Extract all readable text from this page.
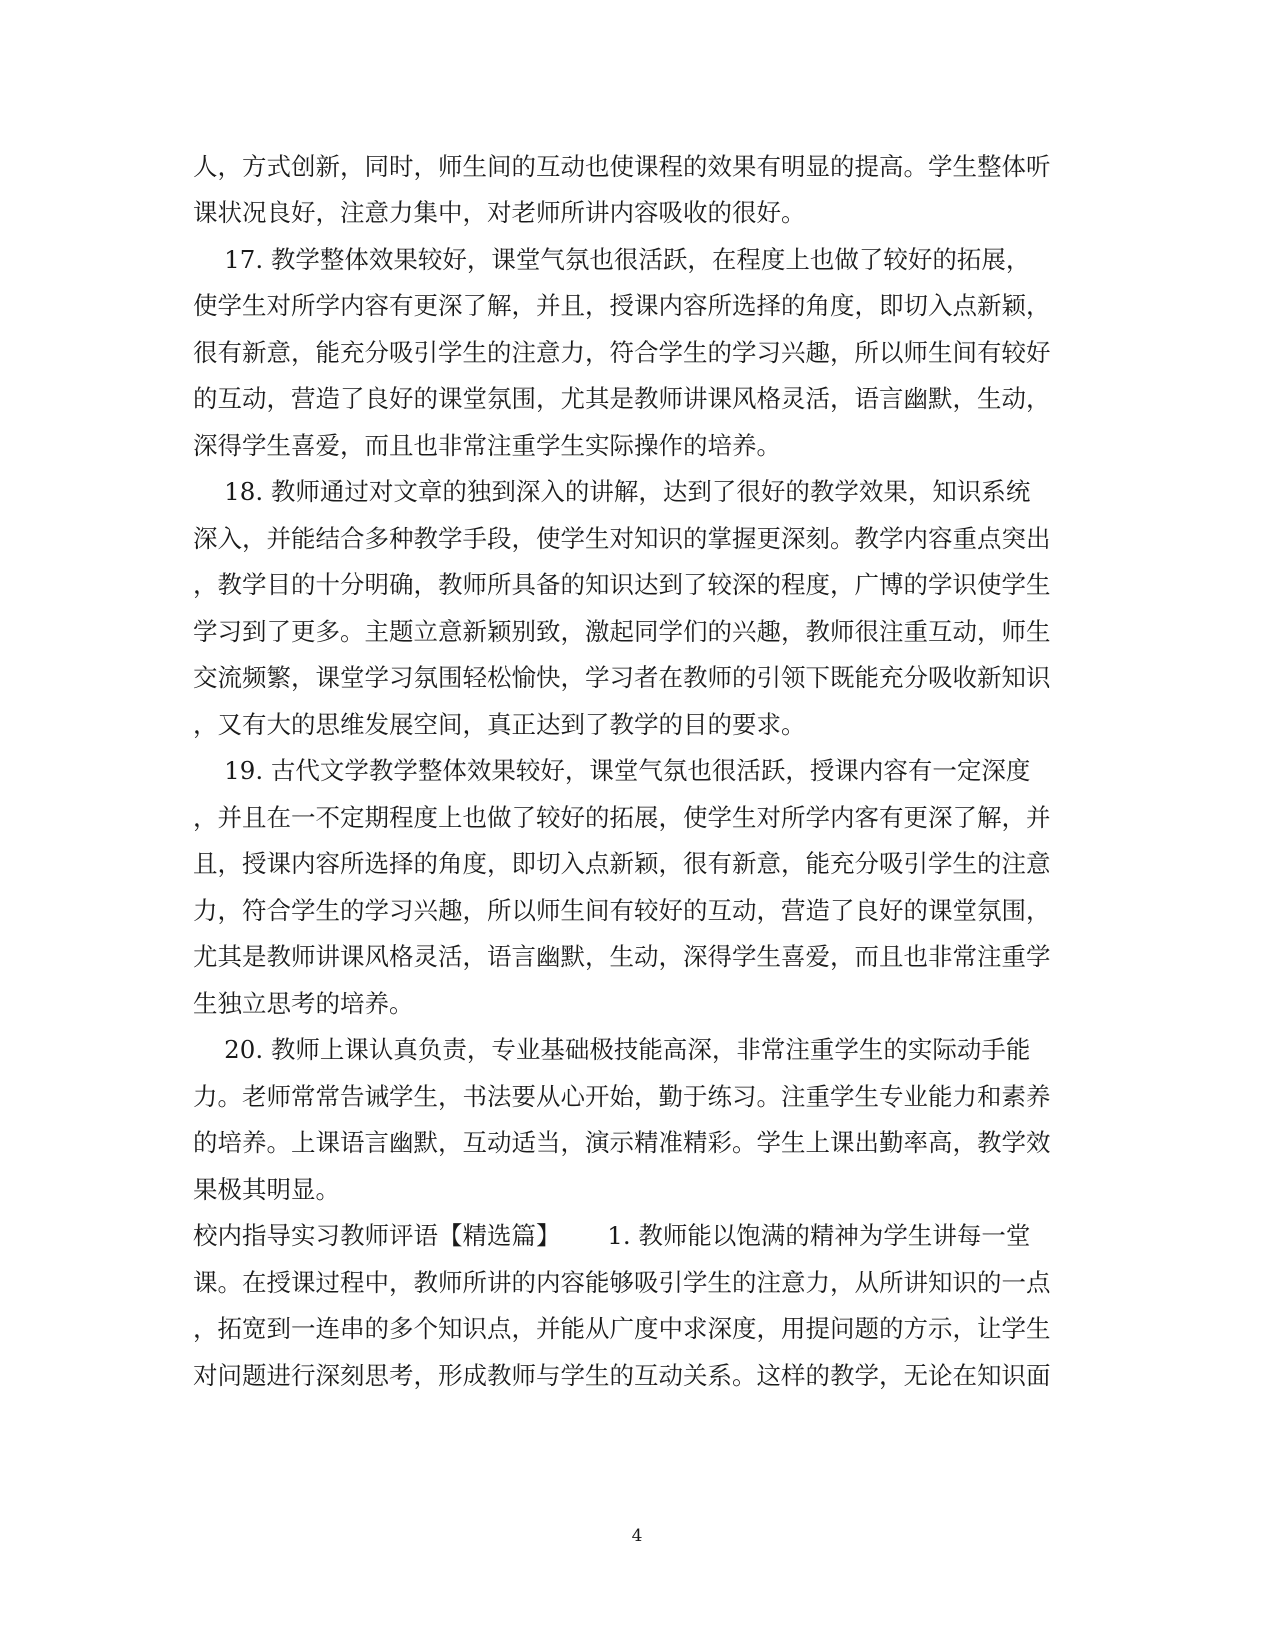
人，方式创新，同时，师生间的互动也使课程的效果有明显的提高。学生整体听
课状况良好，注意力集中，对老师所讲内容吸收的很好。
17. 教学整体效果较好，课堂气氛也很活跃，在程度上也做了较好的拓展，
使学生对所学内容有更深了解，并且，授课内容所选择的角度，即切入点新颖，
很有新意，能充分吸引学生的注意力，符合学生的学习兴趣，所以师生间有较好
的互动，营造了良好的课堂氛围，尤其是教师讲课风格灵活，语言幽默，生动，
深得学生喜爱，而且也非常注重学生实际操作的培养。
18. 教师通过对文章的独到深入的讲解，达到了很好的教学效果，知识系统
深入，并能结合多种教学手段，使学生对知识的掌握更深刻。教学内容重点突出
，教学目的十分明确，教师所具备的知识达到了较深的程度，广博的学识使学生
学习到了更多。主题立意新颖别致，激起同学们的兴趣，教师很注重互动，师生
交流频繁，课堂学习氛围轻松愉快，学习者在教师的引领下既能充分吸收新知识
，又有大的思维发展空间，真正达到了教学的目的要求。
19. 古代文学教学整体效果较好，课堂气氛也很活跃，授课内容有一定深度
，并且在一不定期程度上也做了较好的拓展，使学生对所学内客有更深了解，并
且，授课内容所选择的角度，即切入点新颖，很有新意，能充分吸引学生的注意
力，符合学生的学习兴趣，所以师生间有较好的互动，营造了良好的课堂氛围，
尤其是教师讲课风格灵活，语言幽默，生动，深得学生喜爱，而且也非常注重学
生独立思考的培养。
20. 教师上课认真负责，专业基础极技能高深，非常注重学生的实际动手能
力。老师常常告诫学生，书法要从心开始，勤于练习。注重学生专业能力和素养
的培养。上课语言幽默，互动适当，演示精准精彩。学生上课出勤率高，教学效
果极其明显。
校内指导实习教师评语【精选篇】      1. 教师能以饱满的精神为学生讲每一堂
课。在授课过程中，教师所讲的内容能够吸引学生的注意力，从所讲知识的一点
，拓宽到一连串的多个知识点，并能从广度中求深度，用提问题的方示，让学生
对问题进行深刻思考，形成教师与学生的互动关系。这样的教学，无论在知识面
4
